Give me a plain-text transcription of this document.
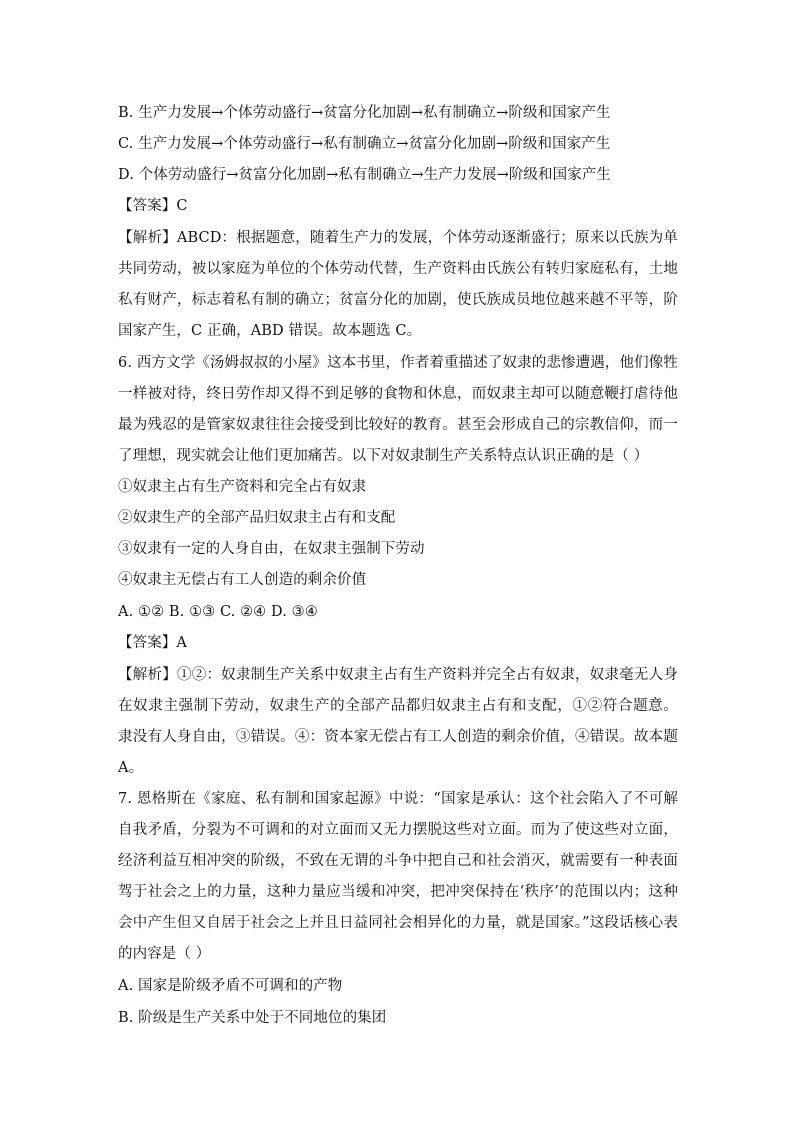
B. 生产力发展→个体劳动盛行→贫富分化加剧→私有制确立→阶级和国家产生
C. 生产力发展→个体劳动盛行→私有制确立→贫富分化加剧→阶级和国家产生
D. 个体劳动盛行→贫富分化加剧→私有制确立→生产力发展→阶级和国家产生
【答案】C
【解析】ABCD：根据题意，随着生产力的发展，个体劳动逐渐盛行；原来以氏族为单
共同劳动，被以家庭为单位的个体劳动代替，生产资料由氏族公有转归家庭私有，土地
私有财产，标志着私有制的确立；贫富分化的加剧，使氏族成员地位越来越不平等，阶
国家产生，C 正确，ABD 错误。故本题选 C。
6. 西方文学《汤姆叔叔的小屋》这本书里，作者着重描述了奴隶的悲惨遭遇，他们像牲
一样被对待，终日劳作却又得不到足够的食物和休息，而奴隶主却可以随意鞭打虐待他
最为残忍的是管家奴隶往往会接受到比较好的教育。甚至会形成自己的宗教信仰，而一
了理想，现实就会让他们更加痛苦。以下对奴隶制生产关系特点认识正确的是（ ）
①奴隶主占有生产资料和完全占有奴隶
②奴隶生产的全部产品归奴隶主占有和支配
③奴隶有一定的人身自由，在奴隶主强制下劳动
④奴隶主无偿占有工人创造的剩余价值
A. ①② B. ①③ C. ②④ D. ③④
【答案】A
【解析】①②：奴隶制生产关系中奴隶主占有生产资料并完全占有奴隶，奴隶毫无人身
在奴隶主强制下劳动，奴隶生产的全部产品都归奴隶主占有和支配，①②符合题意。
隶没有人身自由，③错误。④：资本家无偿占有工人创造的剩余价值，④错误。故本题
A。
7. 恩格斯在《家庭、私有制和国家起源》中说：“国家是承认：这个社会陷入了不可解
自我矛盾，分裂为不可调和的对立面而又无力摆脱这些对立面。而为了使这些对立面，
经济利益互相冲突的阶级，不致在无谓的斗争中把自己和社会消灭，就需要有一种表面
驾于社会之上的力量，这种力量应当缓和冲突，把冲突保持在‘秩序’的范围以内；这种
会中产生但又自居于社会之上并且日益同社会相异化的力量，就是国家。”这段话核心表
的内容是（ ）
A. 国家是阶级矛盾不可调和的产物
B. 阶级是生产关系中处于不同地位的集团
